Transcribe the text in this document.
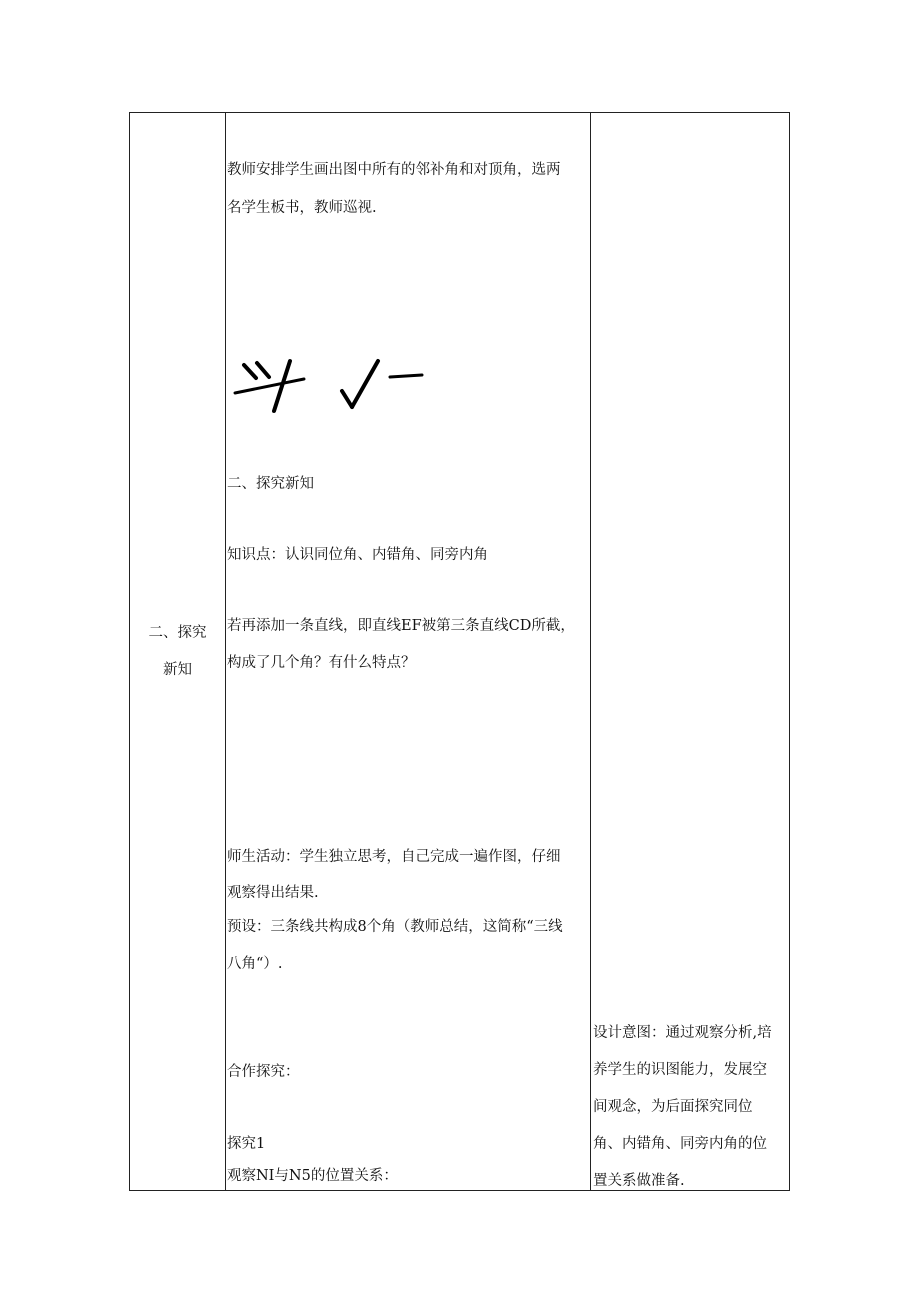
二、探究
新知
教师安排学生画出图中所有的邻补角和对顶角，选两
名学生板书，教师巡视.
二、探究新知
知识点：认识同位角、内错角、同旁内角
若再添加一条直线，即直线EF被第三条直线CD所截，
构成了几个角？有什么特点？
师生活动：学生独立思考，自己完成一遍作图，仔细
观察得出结果.
预设：三条线共构成8个角（教师总结，这简称“三线
八角“）.
合作探究：
探究1
观察NI与N5的位置关系：
设计意图：通过观察分析,培
养学生的识图能力，发展空
间观念，为后面探究同位
角、内错角、同旁内角的位
置关系做准备.
